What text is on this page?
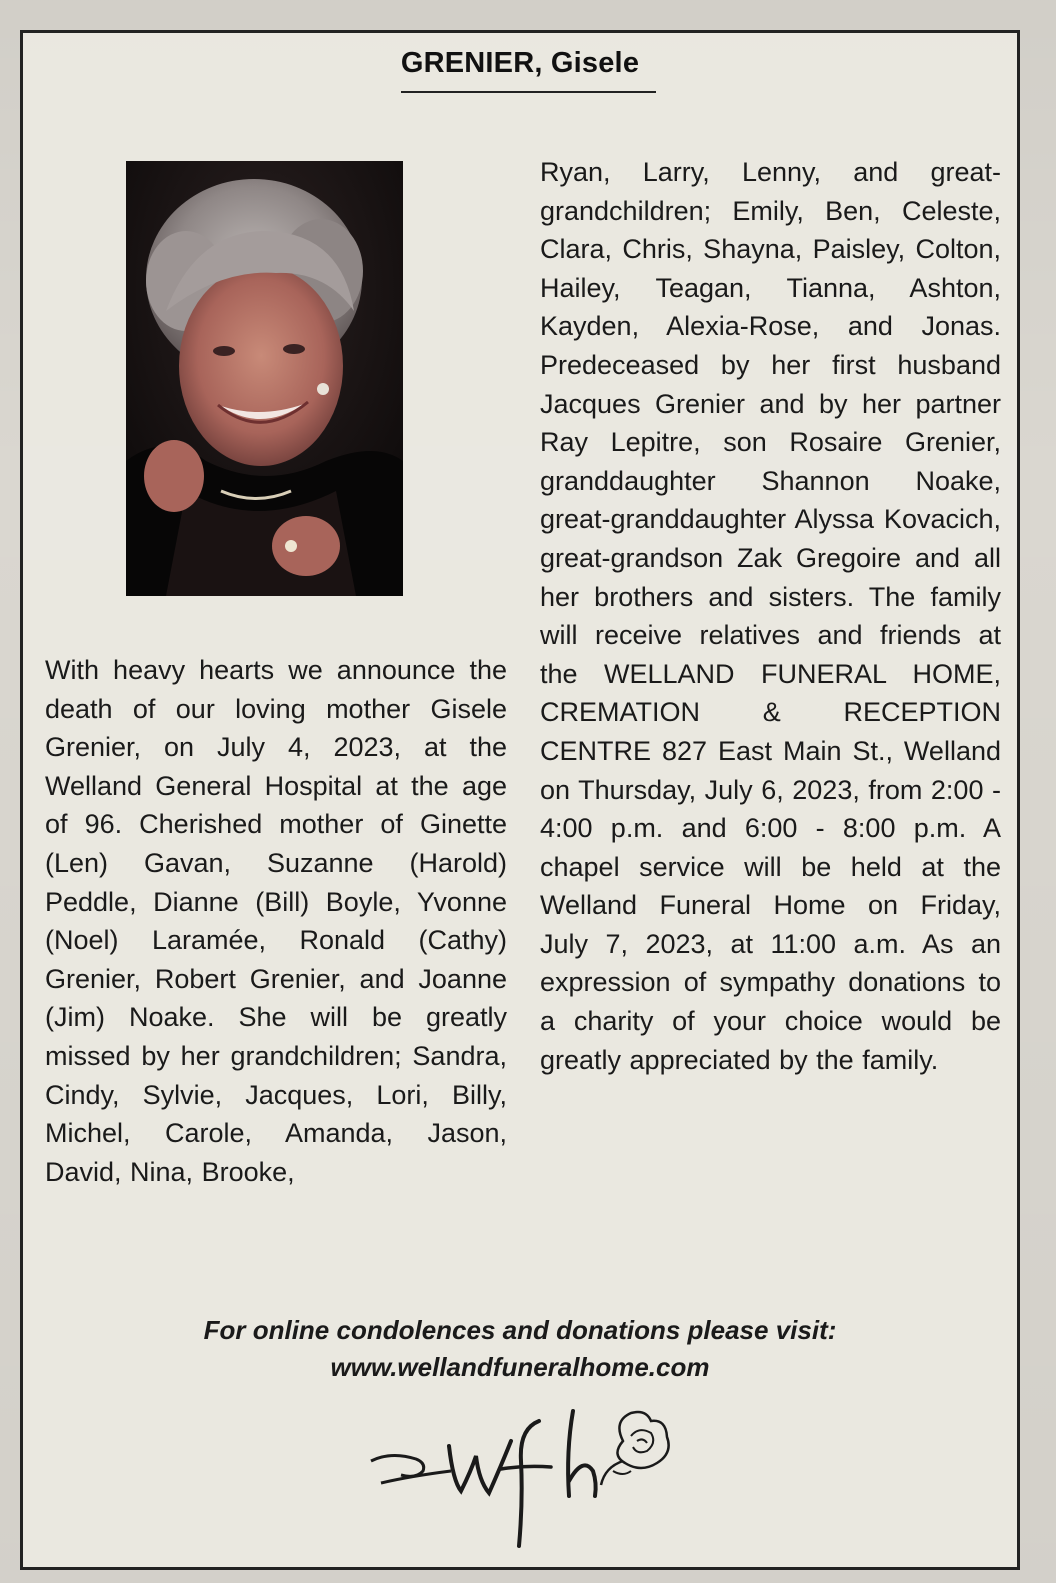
GRENIER, Gisele

With heavy hearts we announce the death of our loving mother Gisele Grenier, on July 4, 2023, at the Welland General Hospital at the age of 96. Cherished mother of Ginette (Len) Gavan, Suzanne (Harold) Peddle, Dianne (Bill) Boyle, Yvonne (Noel) Laramée, Ronald (Cathy) Grenier, Robert Grenier, and Joanne (Jim) Noake. She will be greatly missed by her grandchildren; Sandra, Cindy, Sylvie, Jacques, Lori, Billy, Michel, Carole, Amanda, Jason, David, Nina, Brooke,

Ryan, Larry, Lenny, and great-grandchildren; Emily, Ben, Celeste, Clara, Chris, Shayna, Paisley, Colton, Hailey, Teagan, Tianna, Ashton, Kayden, Alexia-Rose, and Jonas. Predeceased by her first husband Jacques Grenier and by her partner Ray Lepitre, son Rosaire Grenier, granddaughter Shannon Noake, great-granddaughter Alyssa Kovacich, great-grandson Zak Gregoire and all her brothers and sisters. The family will receive relatives and friends at the WELLAND FUNERAL HOME, CREMATION & RECEPTION CENTRE 827 East Main St., Welland on Thursday, July 6, 2023, from 2:00 - 4:00 p.m. and 6:00 - 8:00 p.m. A chapel service will be held at the Welland Funeral Home on Friday, July 7, 2023, at 11:00 a.m. As an expression of sympathy donations to a charity of your choice would be greatly appreciated by the family.

For online condolences and donations please visit:
www.wellandfuneralhome.com
